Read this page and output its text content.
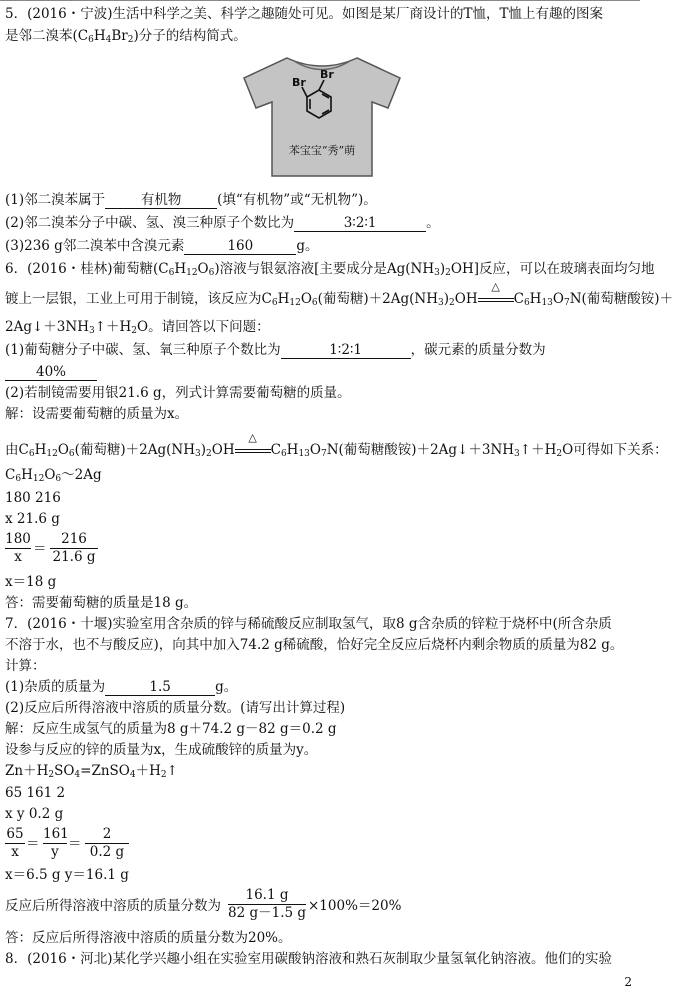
5．(2016・宁波)生活中科学之美、科学之趣随处可见。如图是某厂商设计的T恤，T恤上有趣的图案
是邻二溴苯$(C_6H_4Br_2)$分子的结构简式。
Br
Br
苯宝宝“秀”萌
(1)邻二溴苯属于	有机物	(填“有机物”或“无机物”)。
(2)邻二溴苯分子中碳、氢、溴三种原子个数比为	3∶2∶1	。
(3)236 g邻二溴苯中含溴元素	160	g。
6．(2016・桂林)葡萄糖$(C_6H_{12}O_6)$溶液与银氨溶液[主要成分是$Ag(NH_3)_2OH$]反应，可以在玻璃表面均匀地
镀上一层银，工业上可用于制镜，该反应为$C_6H_{12}O_6$(葡萄糖)$+2Ag(NH_3)_2OH$
△
$C_6H_{13}O_7N$(葡萄糖酸铵)＋
$2Ag↓+3NH_3↑+H_2O$。请回答以下问题：
(1)葡萄糖分子中碳、氢、氧三种原子个数比为	1∶2∶1	，碳元素的质量分数为
40%
(2)若制镜需要用银21.6 g，列式计算需要葡萄糖的质量。
解：设需要葡萄糖的质量为x。
由$C_6H_{12}O_6$(葡萄糖)$+2Ag(NH_3)_2OH$
△
$C_6H_{13}O_7N$(葡萄糖酸铵)$+2Ag↓+3NH_3↑+H_2O$可得如下关系：
$C_6H_{12}O_6\sim 2Ag$
180 216
x 21.6 g
$\frac{180}{x} = \frac{216}{21.6 g}$
x＝18 g
答：需要葡萄糖的质量是18 g。
7．(2016・十堰)实验室用含杂质的锌与稀硫酸反应制取氢气，取8 g含杂质的锌粒于烧杯中(所含杂质
不溶于水，也不与酸反应)，向其中加入74.2 g稀硫酸，恰好完全反应后烧杯内剩余物质的质量为82 g。
计算：
(1)杂质的质量为	1.5	g。
(2)反应后所得溶液中溶质的质量分数。(请写出计算过程)
解：反应生成氢气的质量为8 g＋74.2 g－82 g＝0.2 g
设参与反应的锌的质量为x，生成硫酸锌的质量为y。
$Zn+H_2SO_4=ZnSO_4+H_2↑$
65 161 2
x y 0.2 g
$\frac{65}{x} = \frac{161}{y} = \frac{2}{0.2 g}$
x＝6.5 g y＝16.1 g
反应后所得溶液中溶质的质量分数为 $\frac{16.1 g}{82 g-1.5 g} \times 100\%=20\%$
答：反应后所得溶液中溶质的质量分数为20%。
8．(2016・河北)某化学兴趣小组在实验室用碳酸钠溶液和熟石灰制取少量氢氧化钠溶液。他们的实验
2
